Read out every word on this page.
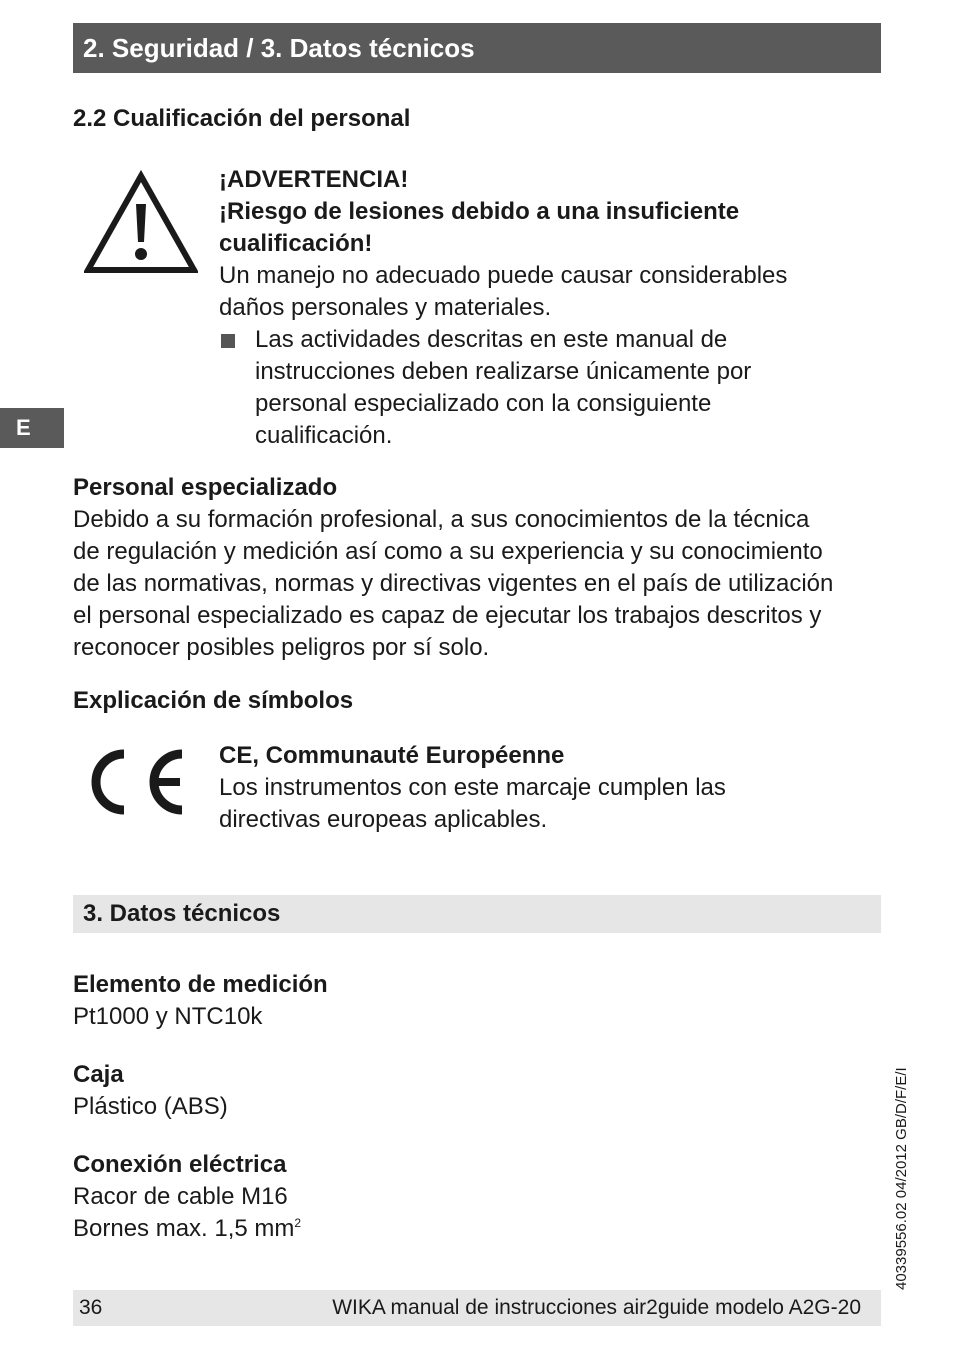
2. Seguridad / 3. Datos técnicos
2.2 Cualificación del personal
¡ADVERTENCIA!
¡Riesgo de lesiones debido a una insuficiente
cualificación!
Un manejo no adecuado puede causar considerables
daños personales y materiales.
Las actividades descritas en este manual de
instrucciones deben realizarse únicamente por
personal especializado con la consiguiente
cualificación.
E
Personal especializado
Debido a su formación profesional, a sus conocimientos de la técnica
de regulación y medición así como a su experiencia y su conocimiento
de las normativas, normas y directivas vigentes en el país de utilización
el personal especializado es capaz de ejecutar los trabajos descritos y
reconocer posibles peligros por sí solo.
Explicación de símbolos
CE, Communauté Européenne
Los instrumentos con este marcaje cumplen las
directivas europeas aplicables.
3. Datos técnicos
Elemento de medición
Pt1000 y NTC10k
Caja
Plástico (ABS)
Conexión eléctrica
Racor de cable M16
Bornes max. 1,5 $mm^2$	40339556.02 04/2012 GB/D/F/E/I
36	WIKA manual de instrucciones air2guide modelo A2G-20
